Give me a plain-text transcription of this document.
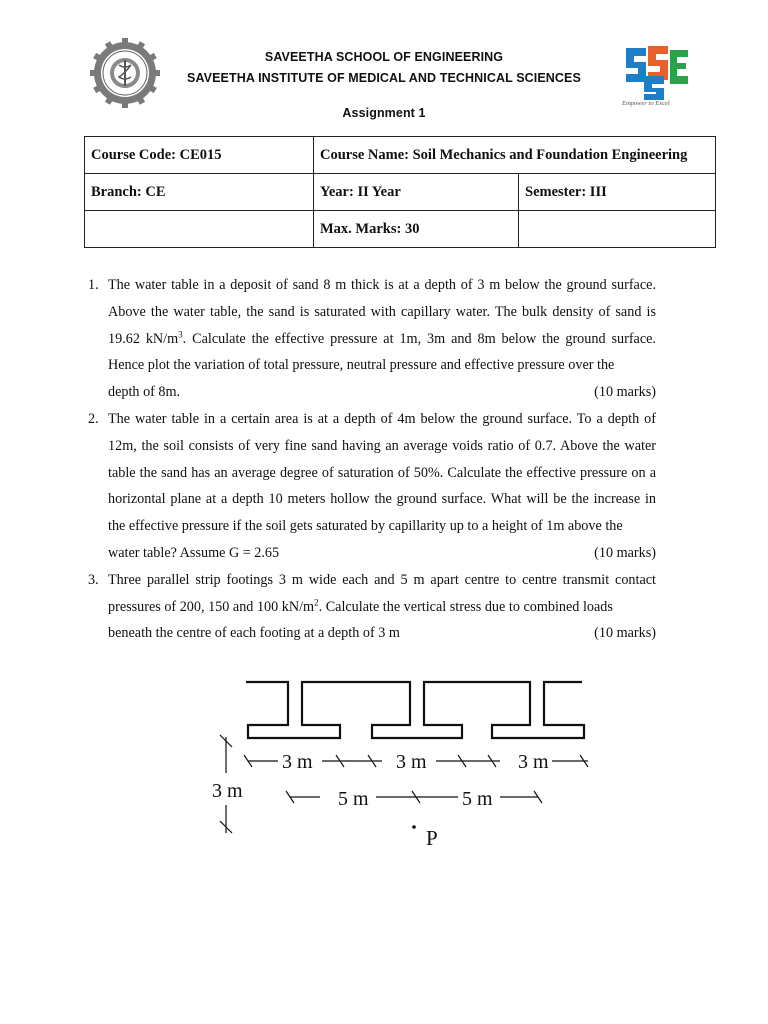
Empower to Excel
SAVEETHA SCHOOL OF ENGINEERING
SAVEETHA INSTITUTE OF MEDICAL AND TECHNICAL SCIENCES
Assignment 1
Course Code: CE015	Course Name: Soil Mechanics and Foundation Engineering	
Branch: CE	Year: II Year	Semester: III
	Max. Marks: 30	
1. The water table in a deposit of sand 8 m thick is at a depth of 3 m below the ground surface. Above the water table, the sand is saturated with capillary water. The bulk density of sand is 19.62 $kN/m^3$. Calculate the effective pressure at 1m, 3m and 8m below the ground surface. Hence plot the variation of total pressure, neutral pressure and effective pressure over the
depth of 8m.	(10 marks)
2. The water table in a certain area is at a depth of 4m below the ground surface. To a depth of 12m, the soil consists of very fine sand having an average voids ratio of 0.7. Above the water table the sand has an average degree of saturation of 50%. Calculate the effective pressure on a horizontal plane at a depth 10 meters hollow the ground surface. What will be the increase in the effective pressure if the soil gets saturated by capillarity up to a height of 1m above the
water table? Assume G = 2.65	(10 marks)
3. Three parallel strip footings 3 m wide each and 5 m apart centre to centre transmit contact pressures of 200, 150 and 100 $kN/m^2$. Calculate the vertical stress due to combined loads
beneath the centre of each footing at a depth of 3 m	(10 marks)
3 m	3 m	3 m
5 m	5 m
3 m
P
